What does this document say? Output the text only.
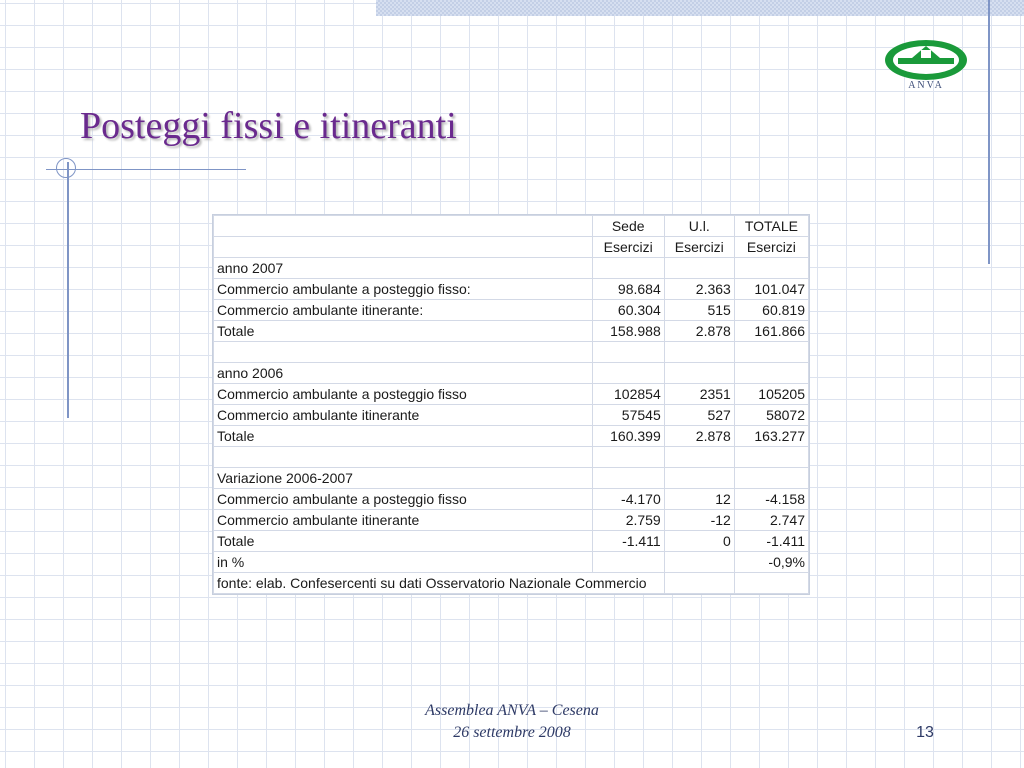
ANVA
Posteggi fissi e itineranti
	Sede	U.l.	TOTALE
	Esercizi	Esercizi	Esercizi
anno 2007			
Commercio ambulante a posteggio fisso:	98.684	2.363	101.047
Commercio ambulante itinerante:	60.304	515	60.819
Totale	158.988	2.878	161.866

anno 2006			
Commercio ambulante a posteggio fisso	102854	2351	105205
Commercio ambulante itinerante	57545	527	58072
Totale	160.399	2.878	163.277

Variazione 2006-2007			
Commercio ambulante a posteggio fisso	-4.170	12	-4.158
Commercio ambulante itinerante	2.759	-12	2.747
Totale	-1.411	0	-1.411
in %			-0,9%
fonte: elab. Confesercenti su dati Osservatorio Nazionale Commercio			
Assemblea ANVA – Cesena
26 settembre 2008	13
